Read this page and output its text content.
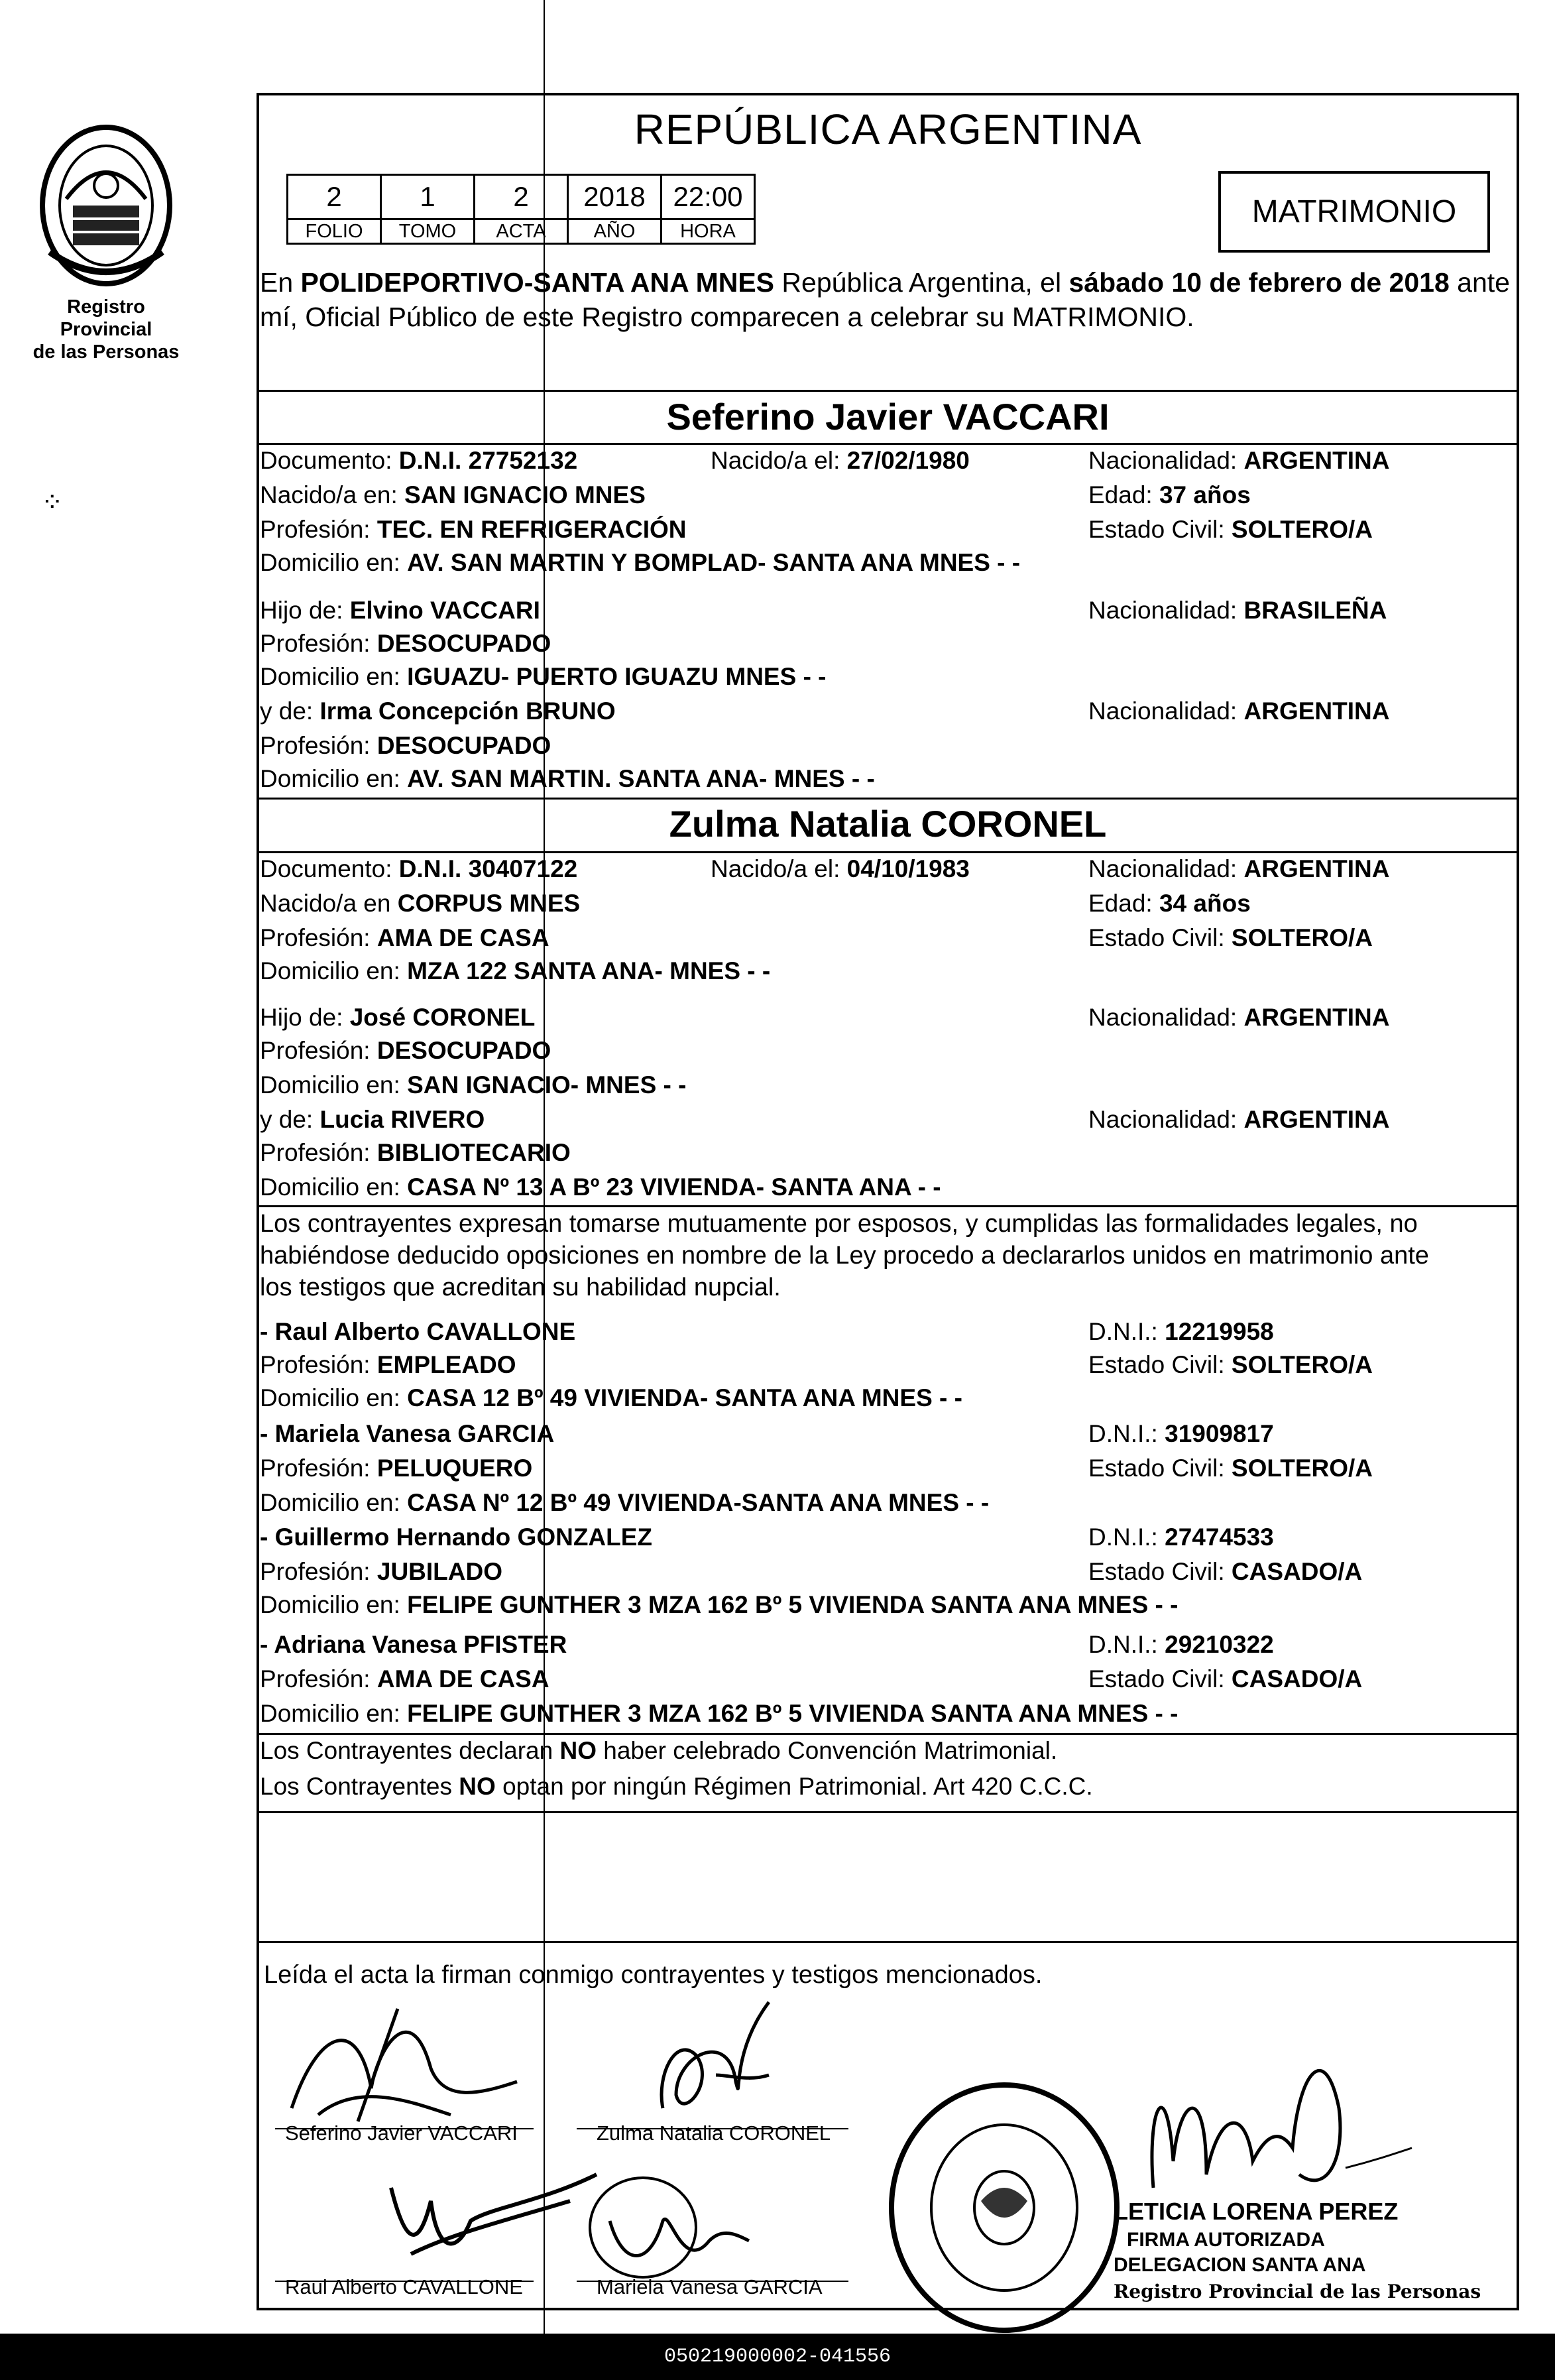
Registro Provincial
de las Personas
⁘
REPÚBLICA ARGENTINA
2	1	2	2018	22:00
FOLIO	TOMO	ACTA	AÑO	HORA
MATRIMONIO
En POLIDEPORTIVO-SANTA ANA MNES República Argentina, el sábado 10 de febrero de 2018 ante mí, Oficial Público de este Registro comparecen a celebrar su MATRIMONIO.
Seferino Javier VACCARI
Documento: D.N.I. 27752132	Nacido/a el: 27/02/1980	Nacionalidad: ARGENTINA
Nacido/a en: SAN IGNACIO MNES	Edad: 37 años
Profesión: TEC. EN REFRIGERACIÓN	Estado Civil: SOLTERO/A
Domicilio en: AV. SAN MARTIN Y BOMPLAD- SANTA ANA MNES - -
Hijo de: Elvino VACCARI	Nacionalidad: BRASILEÑA
Profesión: DESOCUPADO
Domicilio en: IGUAZU- PUERTO IGUAZU MNES - -
y de: Irma Concepción BRUNO	Nacionalidad: ARGENTINA
Profesión: DESOCUPADO
Domicilio en: AV. SAN MARTIN. SANTA ANA- MNES - -
Zulma Natalia CORONEL
Documento: D.N.I. 30407122	Nacido/a el: 04/10/1983	Nacionalidad: ARGENTINA
Nacido/a en CORPUS MNES	Edad: 34 años
Profesión: AMA DE CASA	Estado Civil: SOLTERO/A
Domicilio en: MZA 122 SANTA ANA- MNES - -
Hijo de: José CORONEL	Nacionalidad: ARGENTINA
Profesión: DESOCUPADO
Domicilio en: SAN IGNACIO- MNES - -
y de: Lucia RIVERO	Nacionalidad: ARGENTINA
Profesión: BIBLIOTECARIO
Domicilio en: CASA Nº 13 A Bº 23 VIVIENDA- SANTA ANA - -
Los contrayentes expresan tomarse mutuamente por esposos, y cumplidas las formalidades legales, no
habiéndose deducido oposiciones en nombre de la Ley procedo a declararlos unidos en matrimonio ante
los testigos que acreditan su habilidad nupcial.
- Raul Alberto CAVALLONE	D.N.I.: 12219958
Profesión: EMPLEADO	Estado Civil: SOLTERO/A
Domicilio en: CASA 12 Bº 49 VIVIENDA- SANTA ANA MNES - -
- Mariela Vanesa GARCIA	D.N.I.: 31909817
Profesión: PELUQUERO	Estado Civil: SOLTERO/A
Domicilio en: CASA Nº 12 Bº 49 VIVIENDA-SANTA ANA MNES - -
- Guillermo Hernando GONZALEZ	D.N.I.: 27474533
Profesión: JUBILADO	Estado Civil: CASADO/A
Domicilio en: FELIPE GUNTHER 3 MZA 162 Bº 5 VIVIENDA SANTA ANA MNES - -
- Adriana Vanesa PFISTER	D.N.I.: 29210322
Profesión: AMA DE CASA	Estado Civil: CASADO/A
Domicilio en: FELIPE GUNTHER 3 MZA 162 Bº 5 VIVIENDA SANTA ANA MNES - -
Los Contrayentes declaran NO haber celebrado Convención Matrimonial.
Los Contrayentes NO optan por ningún Régimen Patrimonial. Art 420 C.C.C.
Leída el acta la firman conmigo contrayentes y testigos mencionados.
Seferino Javier VACCARI	Zulma Natalia CORONEL
Raul Alberto CAVALLONE	Mariela Vanesa GARCIA
LETICIA LORENA PEREZ
FIRMA AUTORIZADA
DELEGACION SANTA ANA
Registro Provincial de las Personas
050219000002-041556
